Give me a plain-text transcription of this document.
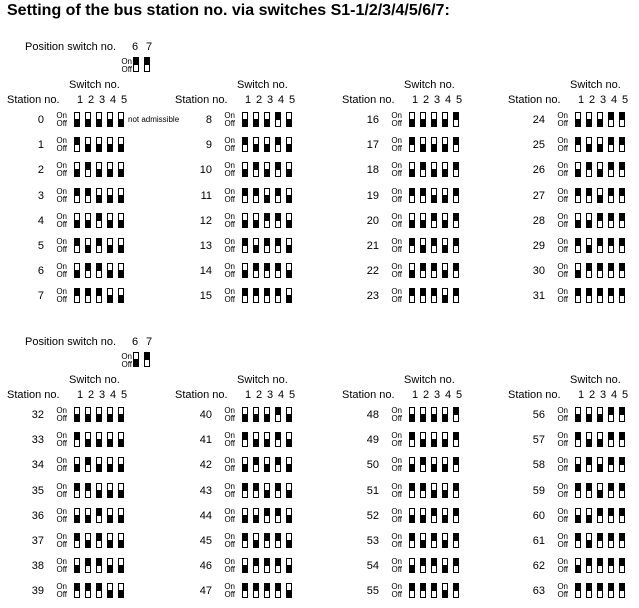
Setting of the bus station no. via switches S1-1/2/3/4/5/6/7:
Position switch no. 6 7
On
Off
Switch no.
Station no. 1 2 3 4 5
0 On
Off	not admissible
1 On
Off
2 On
Off
3 On
Off
4 On
Off
5 On
Off
6 On
Off
7 On
Off
Switch no.
Station no. 1 2 3 4 5
8 On
Off
9 On
Off
10 On
Off
11 On
Off
12 On
Off
13 On
Off
14 On
Off
15 On
Off
Switch no.
Station no. 1 2 3 4 5
16 On
Off
17 On
Off
18 On
Off
19 On
Off
20 On
Off
21 On
Off
22 On
Off
23 On
Off
Switch no.
Station no. 1 2 3 4 5
24 On
Off
25 On
Off
26 On
Off
27 On
Off
28 On
Off
29 On
Off
30 On
Off
31 On
Off
Position switch no. 6 7
On
Off
Switch no.
Station no. 1 2 3 4 5
32 On
Off
33 On
Off
34 On
Off
35 On
Off
36 On
Off
37 On
Off
38 On
Off
39 On
Off
Switch no.
Station no. 1 2 3 4 5
40 On
Off
41 On
Off
42 On
Off
43 On
Off
44 On
Off
45 On
Off
46 On
Off
47 On
Off
Switch no.
Station no. 1 2 3 4 5
48 On
Off
49 On
Off
50 On
Off
51 On
Off
52 On
Off
53 On
Off
54 On
Off
55 On
Off
Switch no.
Station no. 1 2 3 4 5
56 On
Off
57 On
Off
58 On
Off
59 On
Off
60 On
Off
61 On
Off
62 On
Off
63 On
Off
